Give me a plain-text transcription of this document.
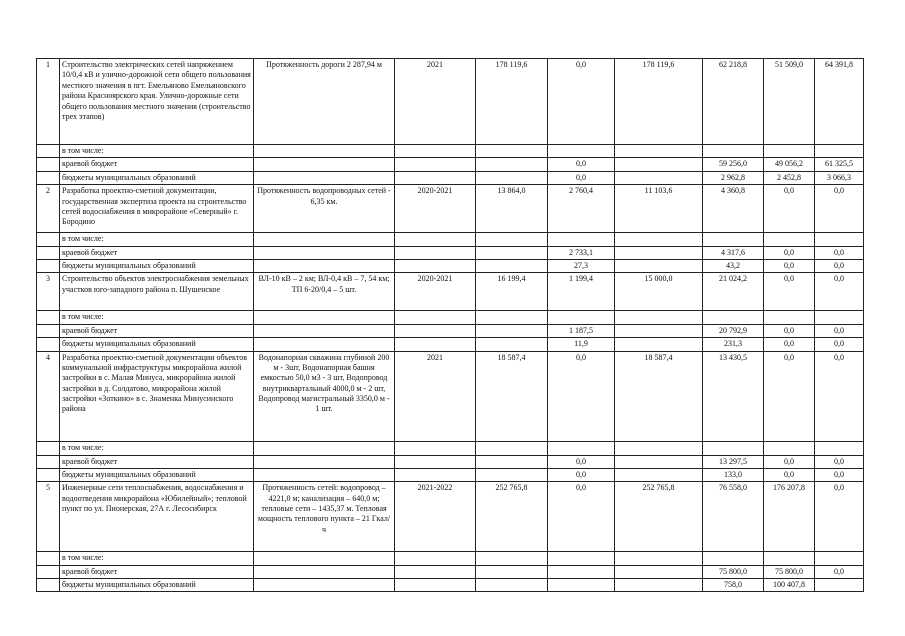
1	Строительство электрических сетей напряжением 10/0,4 кВ и улично-дорожной сети общего пользования местного значения в пгт. Емельяново Емельяновского района Красноярского края. Улично-дорожные сети общего пользования местного значения (строительство трех этапов)	Протяженность дороги 2 287,94 м	2021	178 119,6	0,0	178 119,6	62 218,8	51 509,0	64 391,8
	в том числе:								
	краевой бюджет				0,0		59 256,0	49 056,2	61 325,5
	бюджеты муниципальных образований				0,0		2 962,8	2 452,8	3 066,3
2	Разработка проектно-сметной документации, государственная экспертиза проекта на строительство сетей водоснабжения в микрорайоне «Северный» г. Бородино	Протяженность водопроводных сетей - 6,35 км.	2020-2021	13 864,0	2 760,4	11 103,6	4 360,8	0,0	0,0
	в том числе:								
	краевой бюджет				2 733,1		4 317,6	0,0	0,0
	бюджеты муниципальных образований				27,3		43,2	0,0	0,0
3	Строительство объектов электроснабжения земельных участков юго-западного района п. Шушенское	ВЛ-10 кВ – 2 км; ВЛ-0,4 кВ – 7, 54 км; ТП 6-20/0,4 – 5 шт.	2020-2021	16 199,4	1 199,4	15 000,0	21 024,2	0,0	0,0
	в том числе:								
	краевой бюджет				1 187,5		20 792,9	0,0	0,0
	бюджеты муниципальных образований				11,9		231,3	0,0	0,0
4	Разработка проектно-сметной документации объектов коммунальной инфраструктуры микрорайона жилой застройки в с. Малая Минуса, микрорайона жилой застройки в д. Солдатово, микрорайона жилой застройки «Зоткино» в с. Знаменка Минусинского района	Водонапорная скважина глубиной 200 м - 3шт, Водонапорная башня емкостью 50,0 м3 - 3 шт, Водопровод внутриквартальный 4000,0 м - 2 шт, Водопровод магистральный 3350,0 м - 1 шт.	2021	18 587,4	0,0	18 587,4	13 430,5	0,0	0,0
	в том числе:								
	краевой бюджет				0,0		13 297,5	0,0	0,0
	бюджеты муниципальных образований				0,0		133,0	0,0	0,0
5	Инженерные сети теплоснабжения, водоснабжения и водоотведения микрорайона «Юбилейный»; тепловой пункт по ул. Пионерская, 27А г. Лесосибирск	Протяженность сетей: водопровод – 4221,0 м; канализация – 640,0 м; тепловые сети – 1435,37 м. Тепловая мощность теплового пункта – 21 Гкал/ч	2021-2022	252 765,8	0,0	252 765,8	76 558,0	176 207,8	0,0
	в том числе:								
	краевой бюджет						75 800,0	75 800,0	0,0
	бюджеты муниципальных образований						758,0	100 407,8	
